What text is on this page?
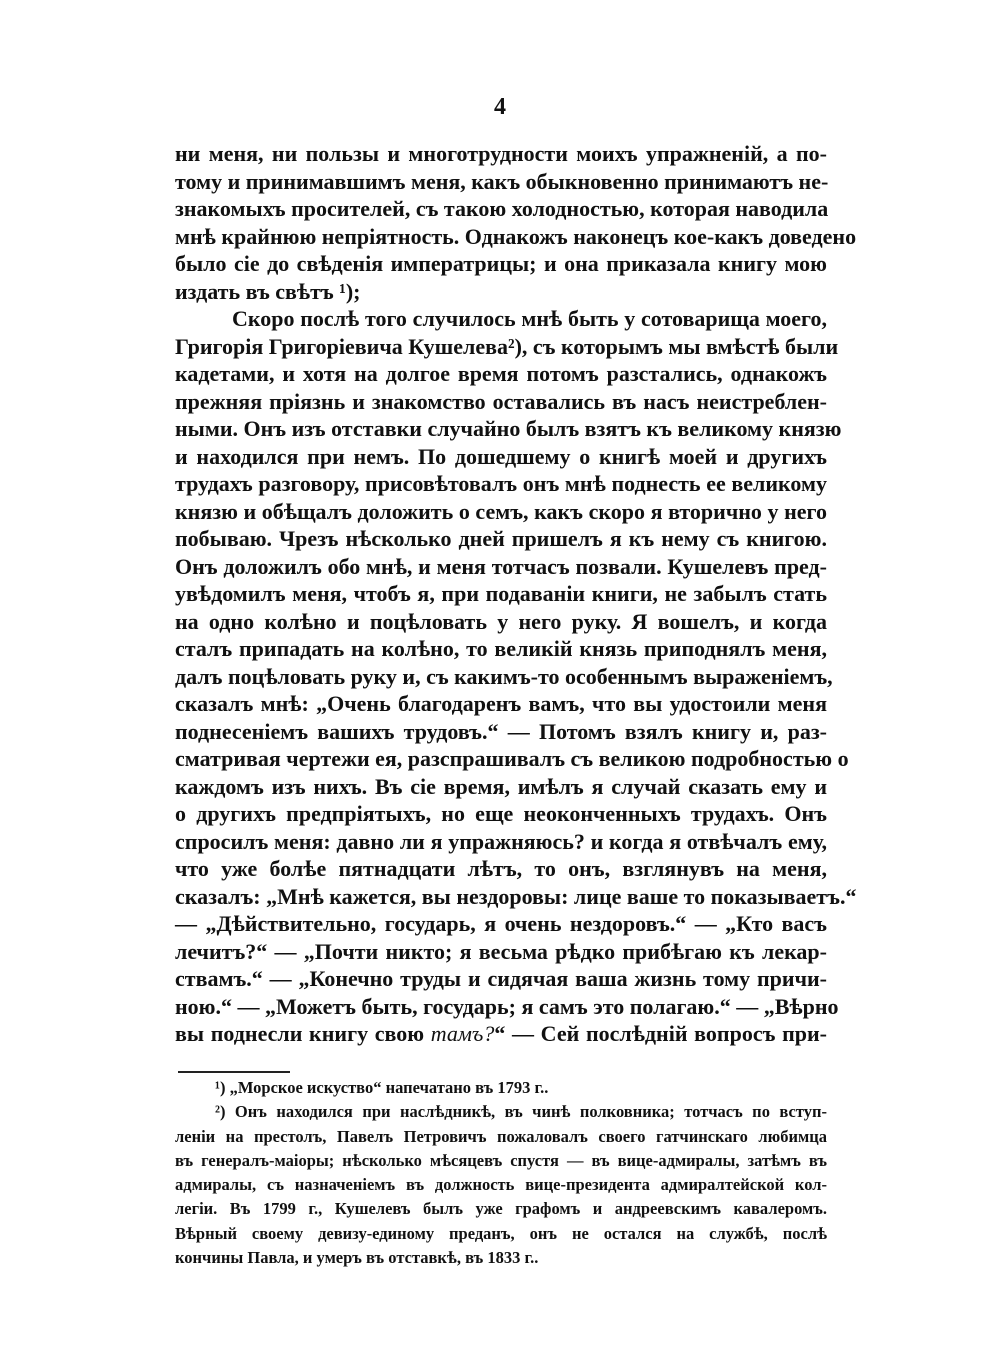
4
ни меня, ни пользы и многотрудности моихъ упражненій, а по-
тому и принимавшимъ меня, какъ обыкновенно принимаютъ не-
знакомыхъ просителей, съ такою холодностью, которая наводила
мнѣ крайнюю непріятность. Однакожъ наконецъ кое-какъ доведено
было сіе до свѣденія императрицы; и она приказала книгу мою
издать въ свѣтъ ¹);
Скоро послѣ того случилось мнѣ быть у сотоварища моего,
Григорія Григоріевича Кушелева²), съ которымъ мы вмѣстѣ были
кадетами, и хотя на долгое время потомъ разстались, однакожъ
прежняя пріязнь и знакомство оставались въ насъ неистреблен-
ными. Онъ изъ отставки случайно былъ взятъ къ великому князю
и находился при немъ. По дошедшему о книгѣ моей и другихъ
трудахъ разговору, присовѣтовалъ онъ мнѣ поднесть ее великому
князю и обѣщалъ доложить о семъ, какъ скоро я вторично у него
побываю. Чрезъ нѣсколько дней пришелъ я къ нему съ книгою.
Онъ доложилъ обо мнѣ, и меня тотчасъ позвали. Кушелевъ пред-
увѣдомилъ меня, чтобъ я, при подаваніи книги, не забылъ стать
на одно колѣно и поцѣловать у него руку. Я вошелъ, и когда
сталъ припадать на колѣно, то великій князь приподнялъ меня,
далъ поцѣловать руку и, съ какимъ-то особеннымъ выраженіемъ,
сказалъ мнѣ: „Очень благодаренъ вамъ, что вы удостоили меня
поднесеніемъ вашихъ трудовъ.“ — Потомъ взялъ книгу и, раз-
сматривая чертежи ея, разспрашивалъ съ великою подробностью о
каждомъ изъ нихъ. Въ сіе время, имѣлъ я случай сказать ему и
о другихъ предпріятыхъ, но еще неоконченныхъ трудахъ. Онъ
спросилъ меня: давно ли я упражняюсь? и когда я отвѣчалъ ему,
что уже болѣе пятнадцати лѣтъ, то онъ, взглянувъ на меня,
сказалъ: „Мнѣ кажется, вы нездоровы: лице ваше то показываетъ.“
— „Дѣйствительно, государь, я очень нездоровъ.“ — „Кто васъ
лечитъ?“ — „Почти никто; я весьма рѣдко прибѣгаю къ лекар-
ствамъ.“ — „Конечно труды и сидячая ваша жизнь тому причи-
ною.“ — „Можетъ быть, государь; я самъ это полагаю.“ — „Вѣрно
вы поднесли книгу свою тамъ?“ — Сей послѣдній вопросъ при-
¹) „Морское искуство“ напечатано въ 1793 г..
²) Онъ находился при наслѣдникѣ, въ чинѣ полковника; тотчасъ по вступ-
леніи на престолъ, Павелъ Петровичъ пожаловалъ своего гатчинскаго любимца
въ генералъ-маіоры; нѣсколько мѣсяцевъ спустя — въ вице-адмиралы, затѣмъ въ
адмиралы, съ назначеніемъ въ должность вице-президента адмиралтейской кол-
легіи. Въ 1799 г., Кушелевъ былъ уже графомъ и андреевскимъ кавалеромъ.
Вѣрный своему девизу-единому преданъ, онъ не остался на службѣ, послѣ
кончины Павла, и умеръ въ отставкѣ, въ 1833 г..
